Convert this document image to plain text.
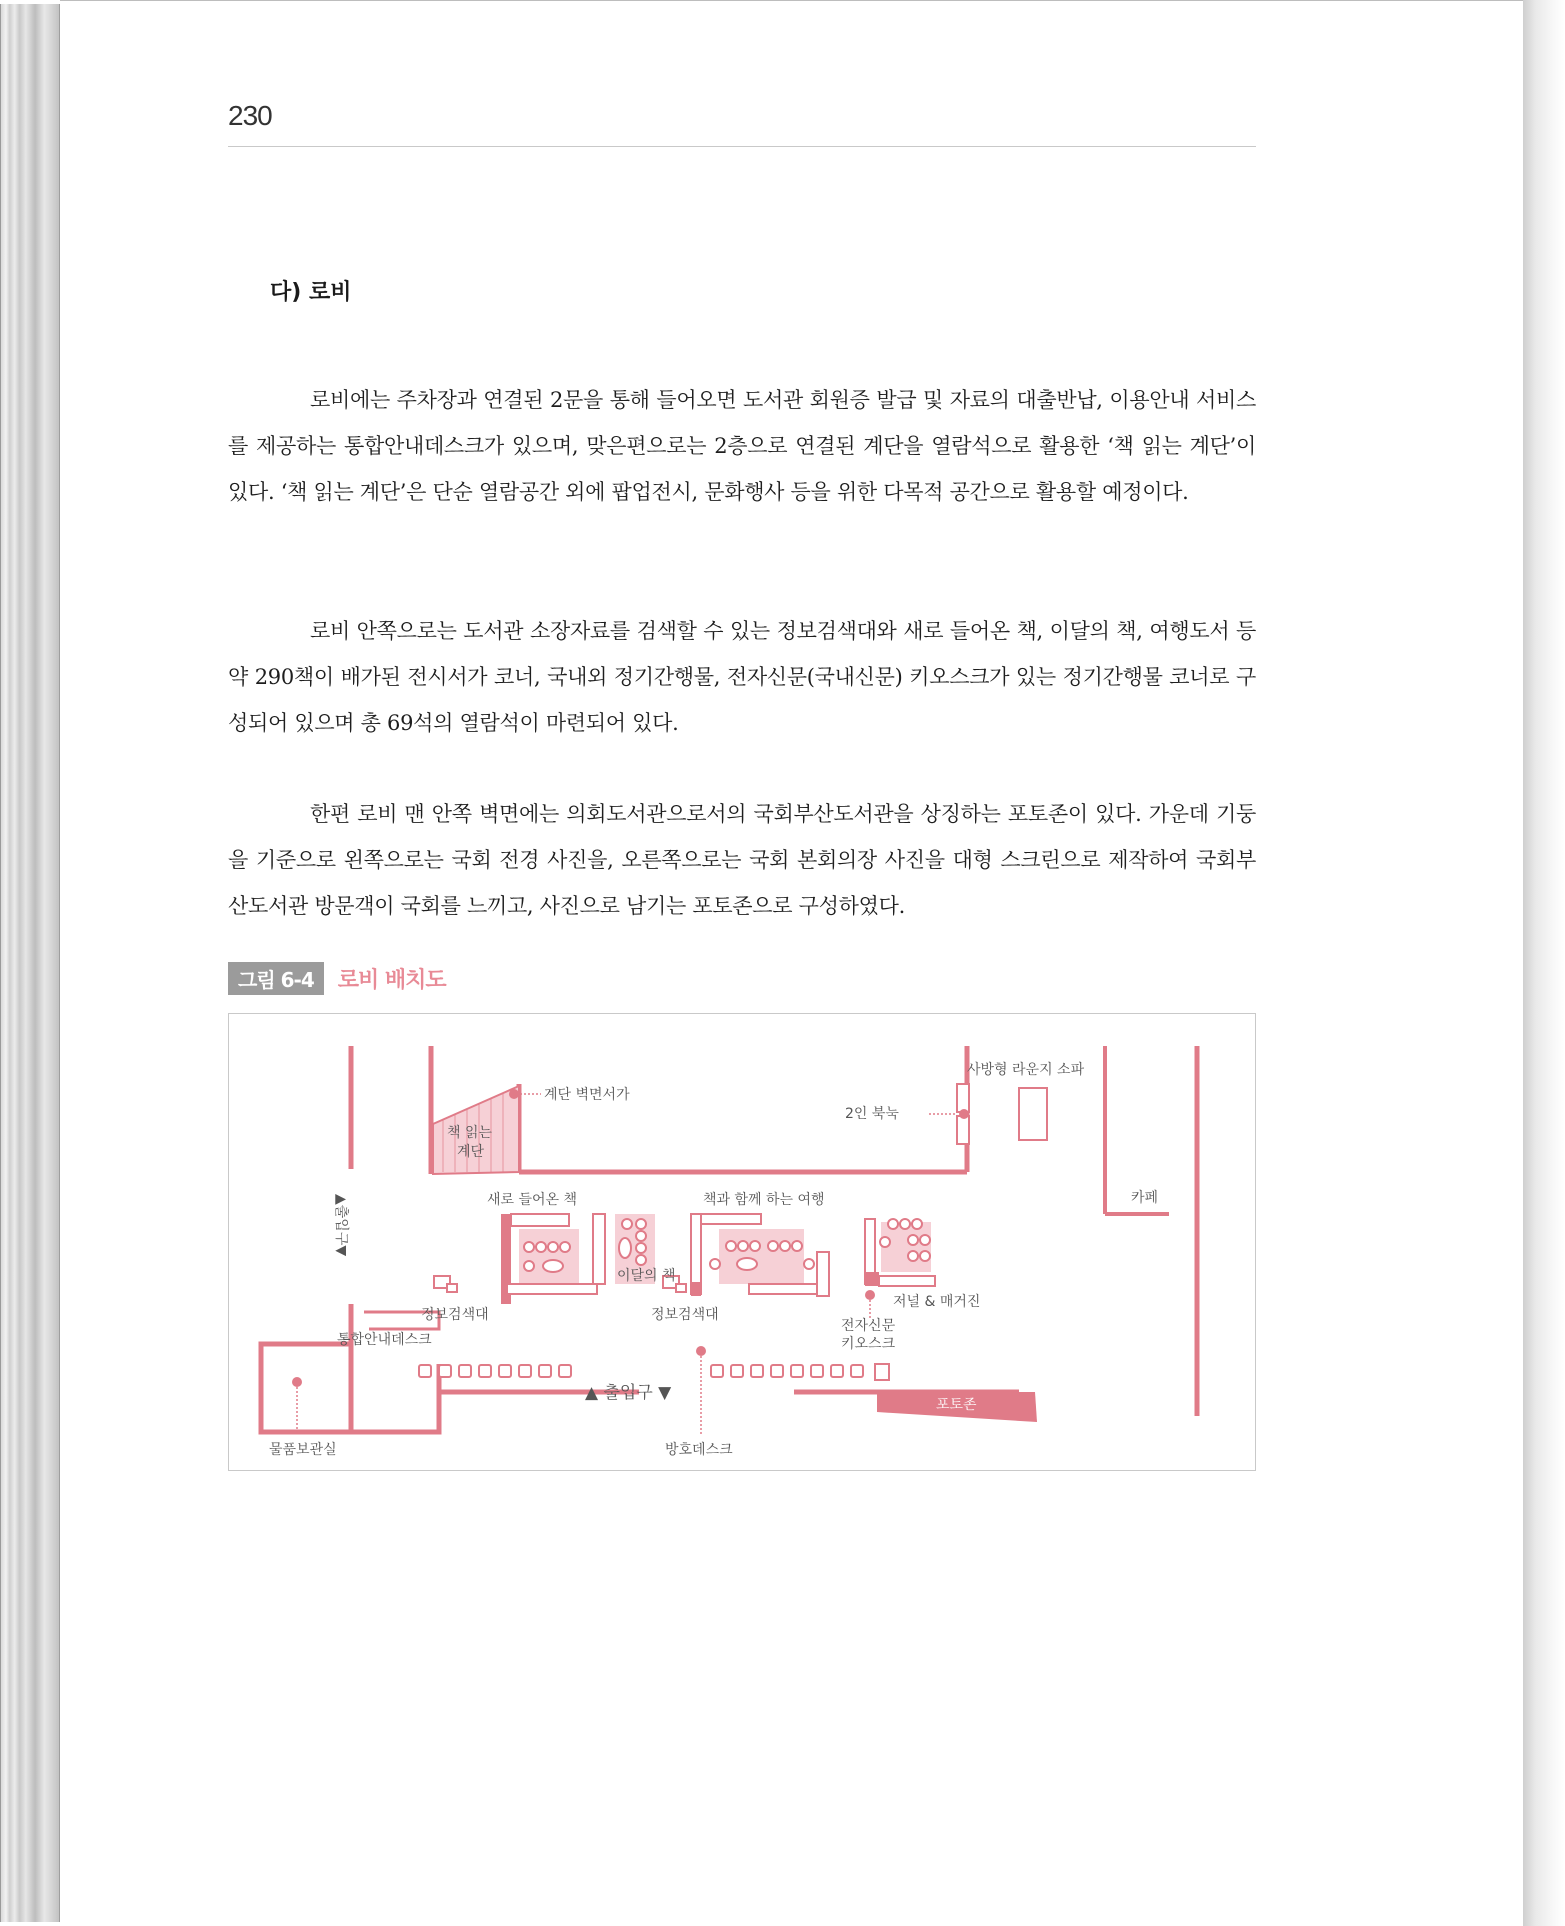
230
다) 로비

로비에는 주차장과 연결된 2문을 통해 들어오면 도서관 회원증 발급 및 자료의 대출반납, 이용안내 서비스를 제공하는 통합안내데스크가 있으며, 맞은편으로는 2층으로 연결된 계단을 열람석으로 활용한 ‘책 읽는 계단’이 있다. ‘책 읽는 계단’은 단순 열람공간 외에 팝업전시, 문화행사 등을 위한 다목적 공간으로 활용할 예정이다.

로비 안쪽으로는 도서관 소장자료를 검색할 수 있는 정보검색대와 새로 들어온 책, 이달의 책, 여행도서 등 약 290책이 배가된 전시서가 코너, 국내외 정기간행물, 전자신문(국내신문) 키오스크가 있는 정기간행물 코너로 구성되어 있으며 총 69석의 열람석이 마련되어 있다.

한편 로비 맨 안쪽 벽면에는 의회도서관으로서의 국회부산도서관을 상징하는 포토존이 있다. 가운데 기둥을 기준으로 왼쪽으로는 국회 전경 사진을, 오른쪽으로는 국회 본회의장 사진을 대형 스크린으로 제작하여 국회부산도서관 방문객이 국회를 느끼고, 사진으로 남기는 포토존으로 구성하였다.

그림 6-4	로비 배치도
계단 벽면서가
책 읽는
계단
2인 북눅
사방형 라운지 소파
새로 들어온 책
이달의 책
책과 함께 하는 여행	카페
▲출입구▼
정보검색대	정보검색대
통합안내데스크
저널 & 매거진
전자신문
키오스크
▲ 출입구 ▼
포토존
물품보관실	방호데스크
